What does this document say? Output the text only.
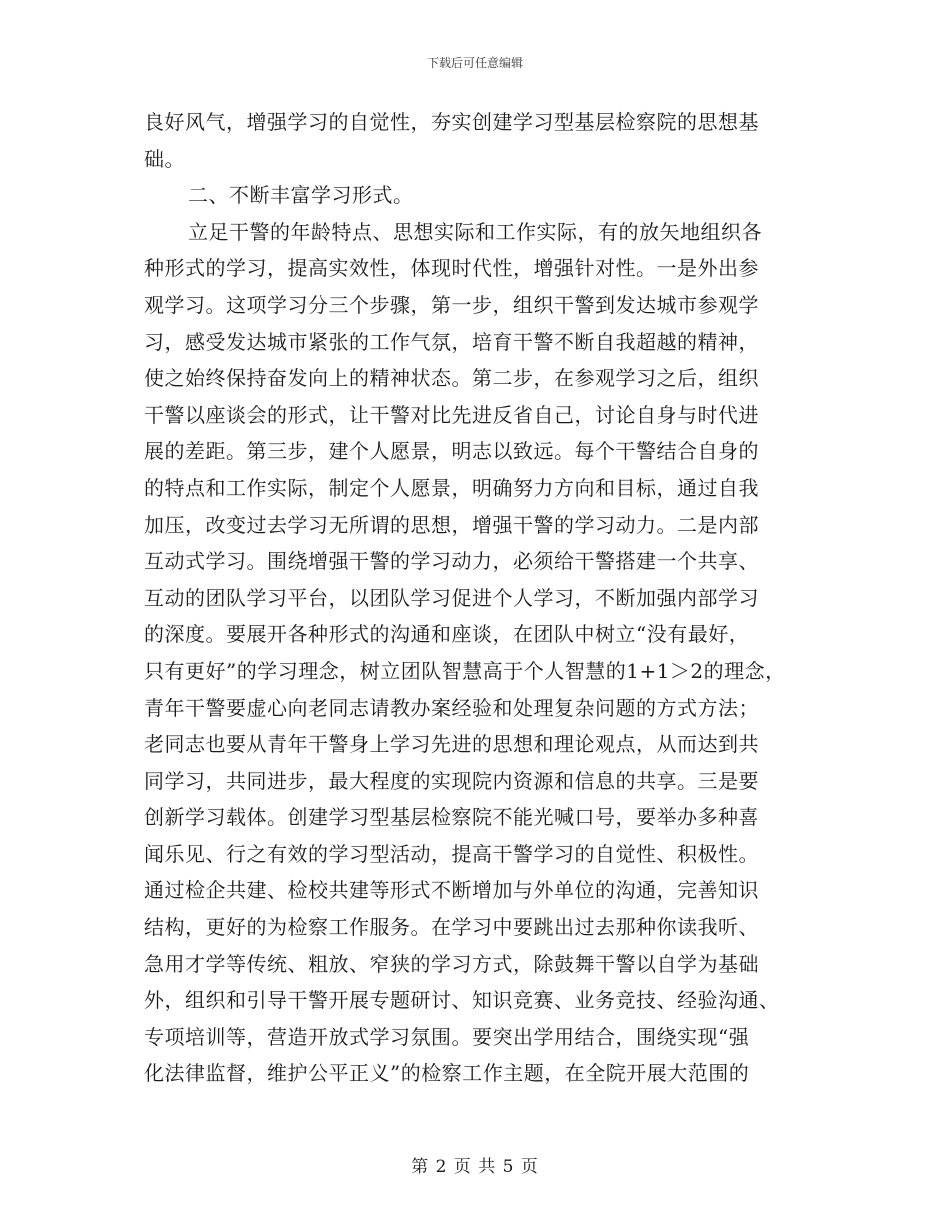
下载后可任意编辑
良好风气，增强学习的自觉性，夯实创建学习型基层检察院的思想基
础。
二、不断丰富学习形式。
立足干警的年龄特点、思想实际和工作实际，有的放矢地组织各
种形式的学习，提高实效性，体现时代性，增强针对性。一是外出参
观学习。这项学习分三个步骤，第一步，组织干警到发达城市参观学
习，感受发达城市紧张的工作气氛，培育干警不断自我超越的精神，
使之始终保持奋发向上的精神状态。第二步，在参观学习之后，组织
干警以座谈会的形式，让干警对比先进反省自己，讨论自身与时代进
展的差距。第三步，建个人愿景，明志以致远。每个干警结合自身的
的特点和工作实际，制定个人愿景，明确努力方向和目标，通过自我
加压，改变过去学习无所谓的思想，增强干警的学习动力。二是内部
互动式学习。围绕增强干警的学习动力，必须给干警搭建一个共享、
互动的团队学习平台，以团队学习促进个人学习，不断加强内部学习
的深度。要展开各种形式的沟通和座谈，在团队中树立“没有最好，
只有更好”的学习理念，树立团队智慧高于个人智慧的1+1＞2的理念，
青年干警要虚心向老同志请教办案经验和处理复杂问题的方式方法；
老同志也要从青年干警身上学习先进的思想和理论观点，从而达到共
同学习，共同进步，最大程度的实现院内资源和信息的共享。三是要
创新学习载体。创建学习型基层检察院不能光喊口号，要举办多种喜
闻乐见、行之有效的学习型活动，提高干警学习的自觉性、积极性。
通过检企共建、检校共建等形式不断增加与外单位的沟通，完善知识
结构，更好的为检察工作服务。在学习中要跳出过去那种你读我听、
急用才学等传统、粗放、窄狭的学习方式，除鼓舞干警以自学为基础
外，组织和引导干警开展专题研讨、知识竞赛、业务竞技、经验沟通、
专项培训等，营造开放式学习氛围。要突出学用结合，围绕实现“强
化法律监督，维护公平正义”的检察工作主题，在全院开展大范围的
第 2 页 共 5 页
